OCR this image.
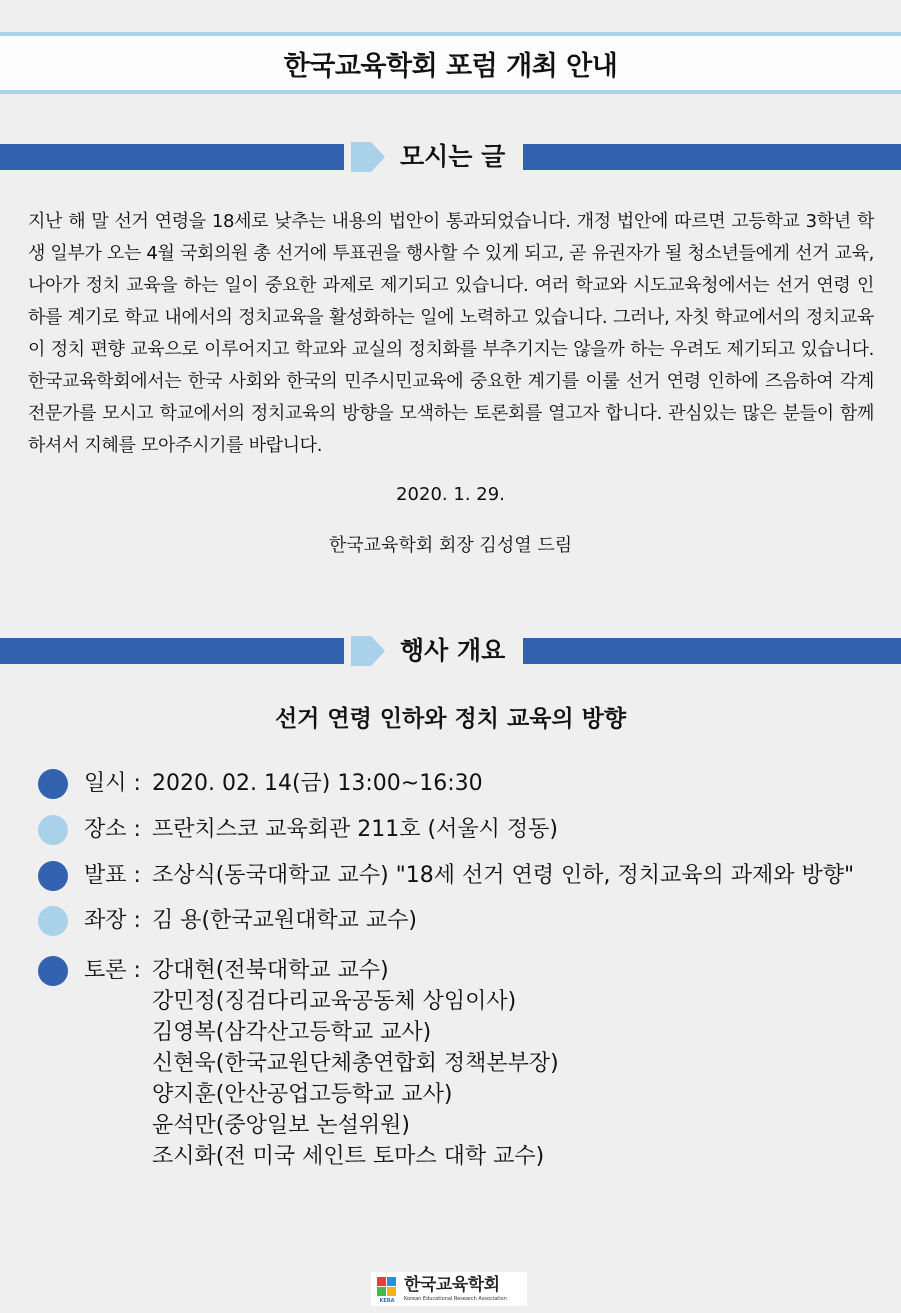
한국교육학회 포럼 개최 안내
모시는 글

지난 해 말 선거 연령을 18세로 낮추는 내용의 법안이 통과되었습니다. 개정 법안에 따르면 고등학교 3학년 학생 일부가 오는 4월 국회의원 총 선거에 투표권을 행사할 수 있게 되고, 곧 유권자가 될 청소년들에게 선거 교육, 나아가 정치 교육을 하는 일이 중요한 과제로 제기되고 있습니다. 여러 학교와 시도교육청에서는 선거 연령 인하를 계기로 학교 내에서의 정치교육을 활성화하는 일에 노력하고 있습니다. 그러나, 자칫 학교에서의 정치교육이 정치 편향 교육으로 이루어지고 학교와 교실의 정치화를 부추기지는 않을까 하는 우려도 제기되고 있습니다. 한국교육학회에서는 한국 사회와 한국의 민주시민교육에 중요한 계기를 이룰 선거 연령 인하에 즈음하여 각계 전문가를 모시고 학교에서의 정치교육의 방향을 모색하는 토론회를 열고자 합니다. 관심있는 많은 분들이 함께 하셔서 지혜를 모아주시기를 바랍니다.

2020. 1. 29.
한국교육학회 회장 김성열 드림
행사 개요
선거 연령 인하와 정치 교육의 방향
일시 : 2020. 02. 14(금) 13:00~16:30
장소 : 프란치스코 교육회관 211호 (서울시 정동)
발표 : 조상식(동국대학교 교수) "18세 선거 연령 인하, 정치교육의 과제와 방향"
좌장 : 김 용(한국교원대학교 교수)
토론 : 강대현(전북대학교 교수)
강민정(징검다리교육공동체 상임이사)
김영복(삼각산고등학교 교사)
신현욱(한국교원단체총연합회 정책본부장)
양지훈(안산공업고등학교 교사)
윤석만(중앙일보 논설위원)
조시화(전 미국 세인트 토마스 대학 교수)
KERA
한국교육학회
Korean Educational Research Association
